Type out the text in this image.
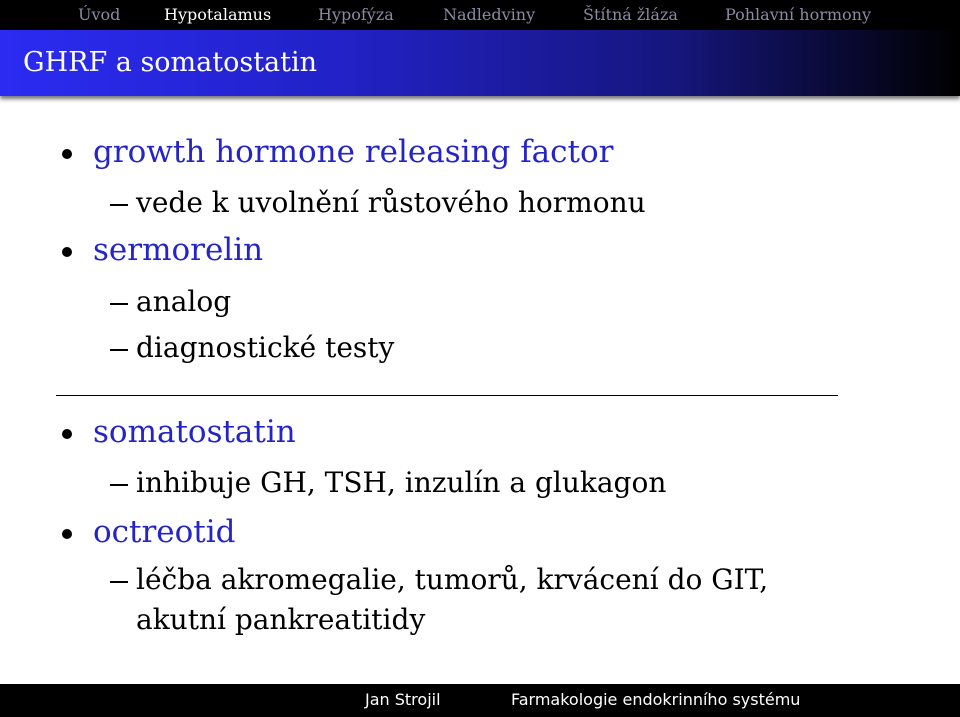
Úvod	Hypotalamus	Hypofýza	Nadledviny	Štítná žláza	Pohlavní hormony
GHRF a somatostatin
growth hormone releasing factor
vede k uvolnění růstového hormonu
sermorelin
analog
diagnostické testy
somatostatin
inhibuje GH, TSH, inzulín a glukagon
octreotid
léčba akromegalie, tumorů, krvácení do GIT,
akutní pankreatitidy
Jan Strojil	Farmakologie endokrinního systému
